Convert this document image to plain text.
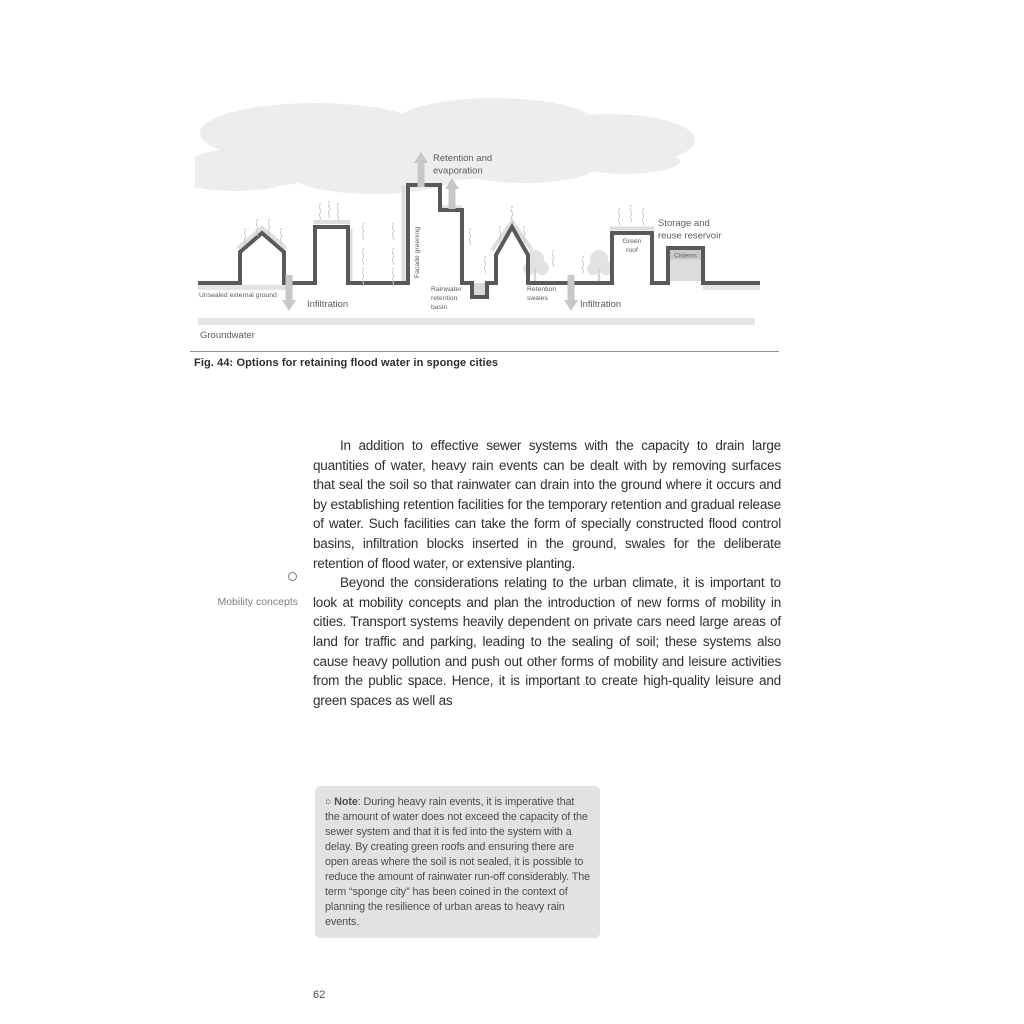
Retention and
evaporation
Facade greening
Unsealed external ground
Infiltration
Rainwater
retention
basin
Retention
swales
Infiltration
Green
roof
Storage and
reuse reservoir
Cisterns
Groundwater
Fig. 44: Options for retaining flood water in sponge cities
Mobility concepts

In addition to effective sewer systems with the capacity to drain large quantities of water, heavy rain events can be dealt with by removing surfaces that seal the soil so that rainwater can drain into the ground where it occurs and by establishing retention facilities for the temporary retention and gradual release of water. Such facilities can take the form of specially constructed flood control basins, infiltration blocks inserted in the ground, swales for the deliberate retention of flood water, or extensive planting.

Beyond the considerations relating to the urban climate, it is important to look at mobility concepts and plan the introduction of new forms of mobility in cities. Transport systems heavily dependent on private cars need large areas of land for traffic and parking, leading to the sealing of soil; these systems also cause heavy pollution and push out other forms of mobility and leisure activities from the public space. Hence, it is important to create high-quality leisure and green spaces as well as

○ Note: During heavy rain events, it is imperative that the amount of water does not exceed the capacity of the sewer system and that it is fed into the system with a delay. By creating green roofs and ensuring there are open areas where the soil is not sealed, it is possible to reduce the amount of rainwater run-off considerably. The term “sponge city” has been coined in the context of planning the resilience of urban areas to heavy rain events.
62
